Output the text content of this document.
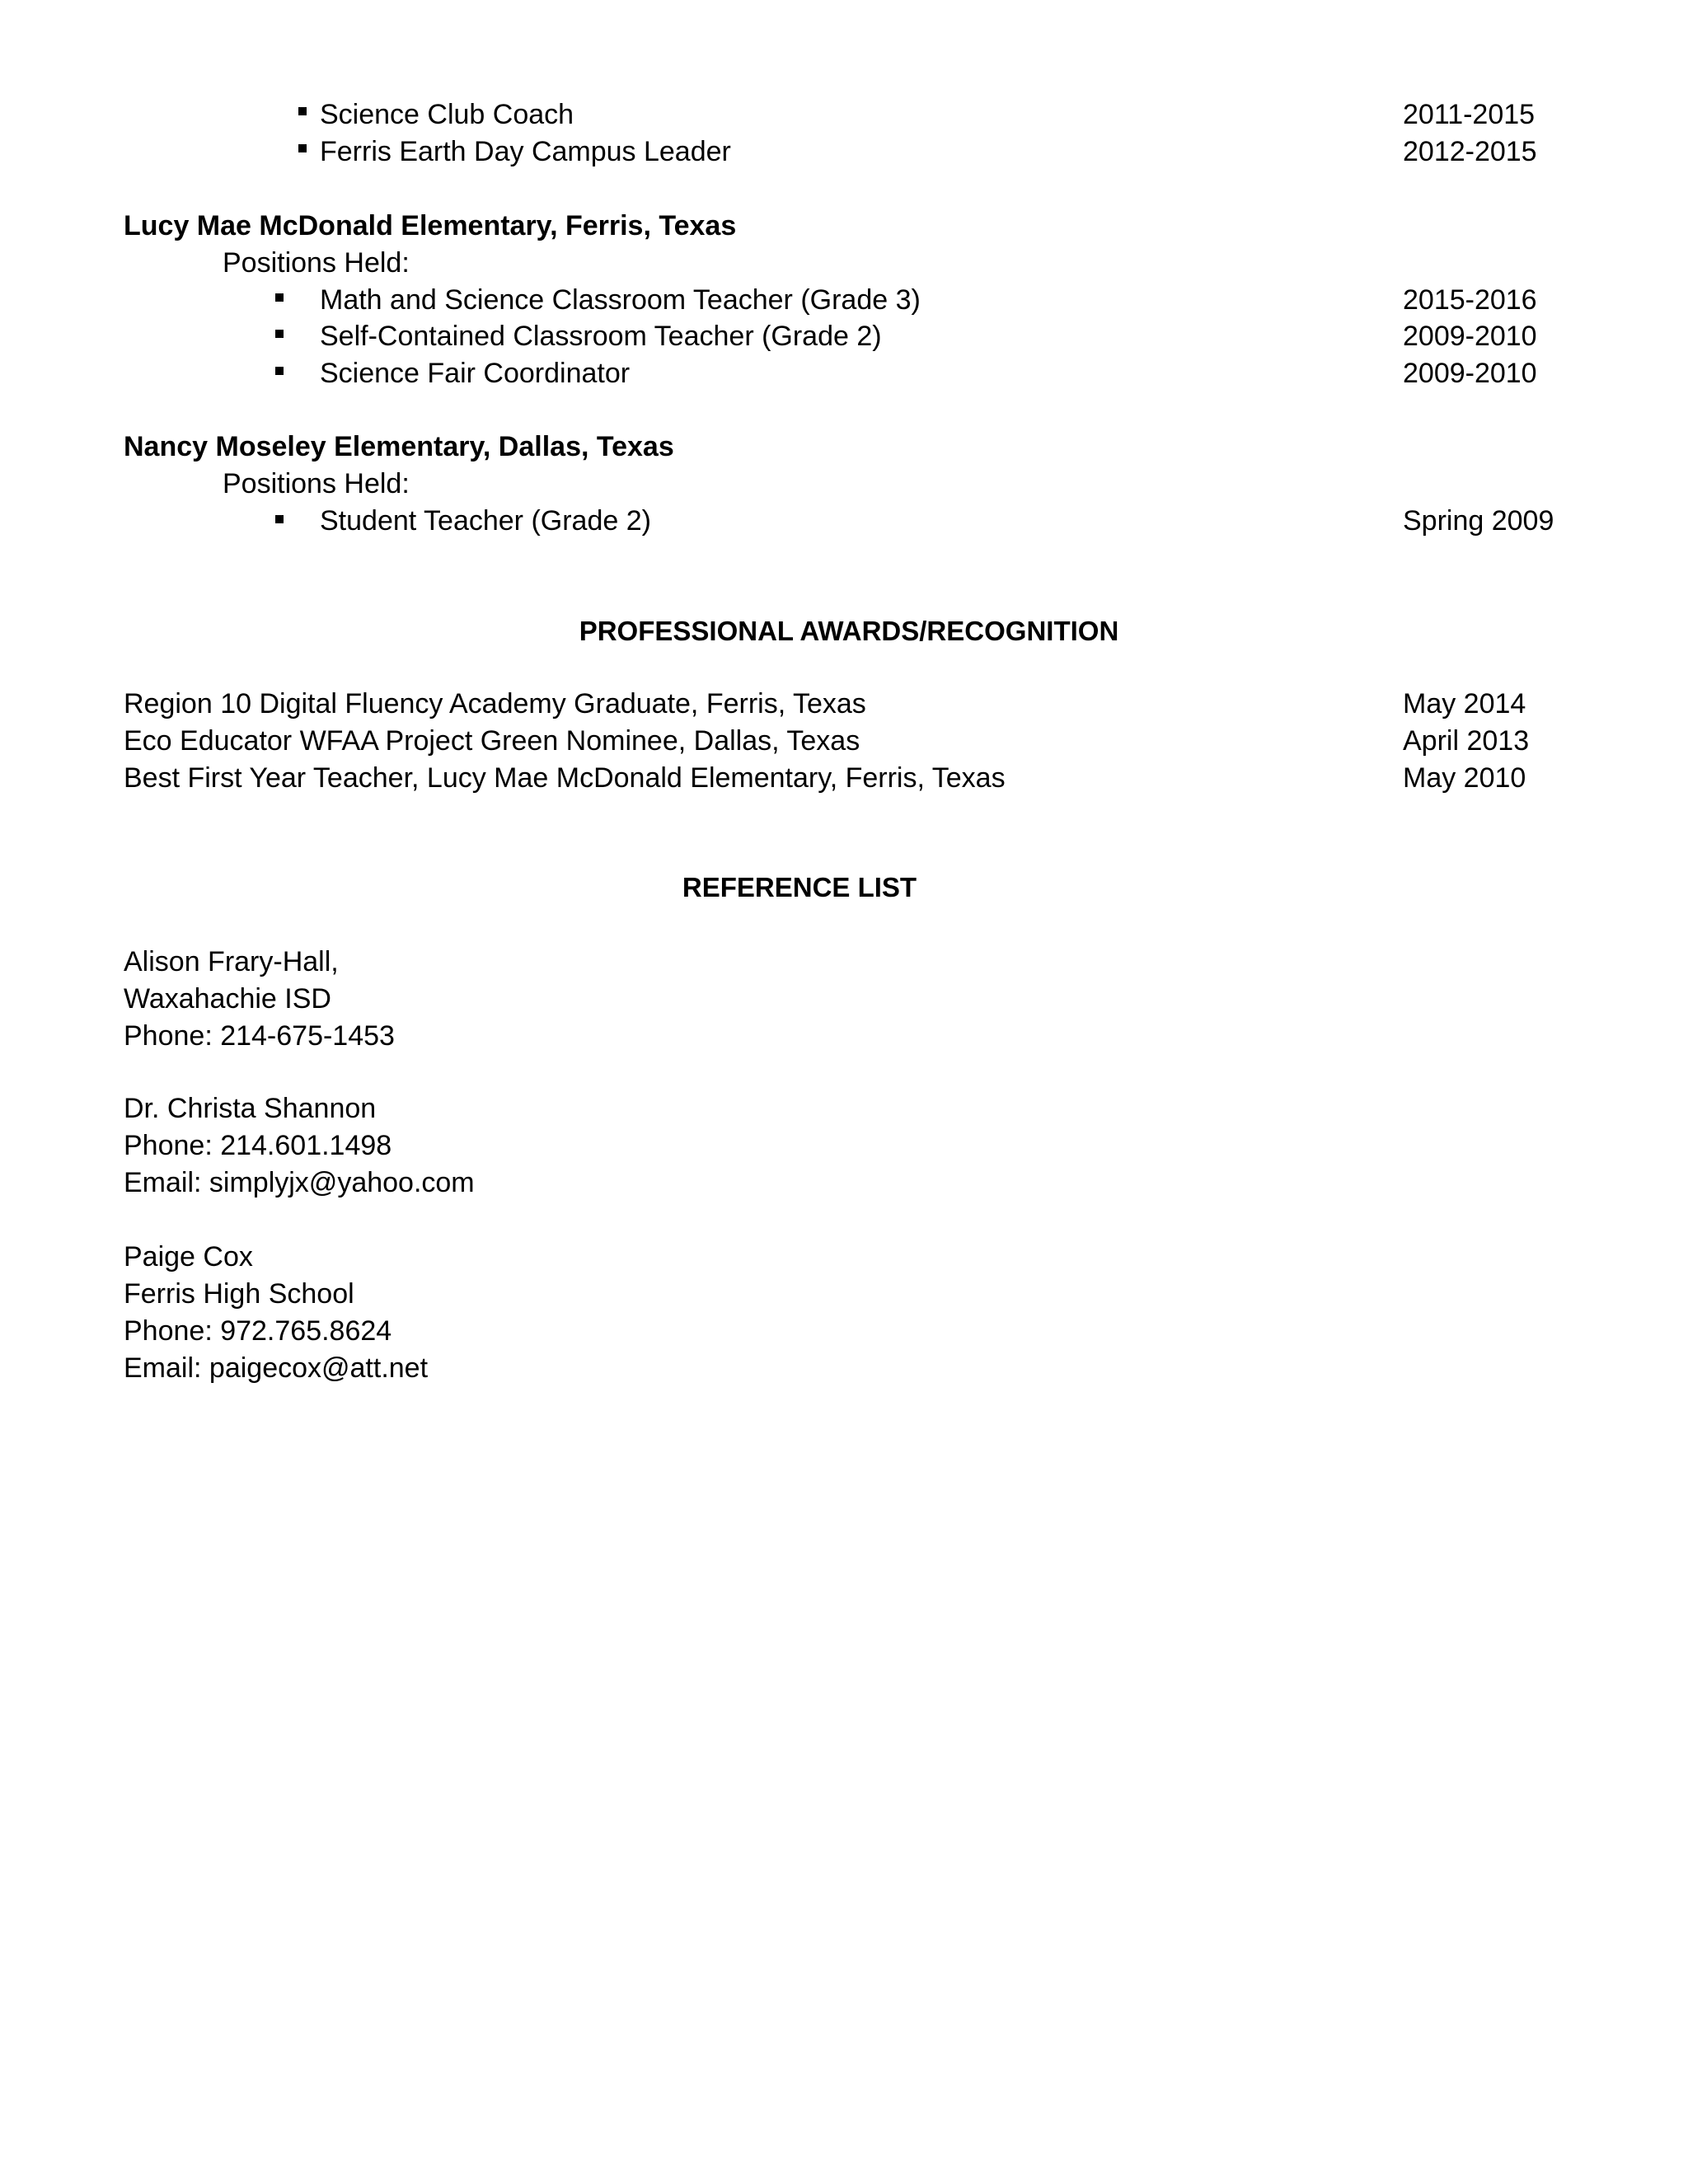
Science Club Coach	2011-2015
Ferris Earth Day Campus Leader	2012-2015
Lucy Mae McDonald Elementary, Ferris, Texas
Positions Held:
Math and Science Classroom Teacher (Grade 3)	2015-2016
Self-Contained Classroom Teacher (Grade 2)	2009-2010
Science Fair Coordinator	2009-2010
Nancy Moseley Elementary, Dallas, Texas
Positions Held:
Student Teacher (Grade 2)	Spring 2009
PROFESSIONAL AWARDS/RECOGNITION
Region 10 Digital Fluency Academy Graduate, Ferris, Texas	May 2014
Eco Educator WFAA Project Green Nominee, Dallas, Texas	April 2013
Best First Year Teacher, Lucy Mae McDonald Elementary, Ferris, Texas	May 2010
REFERENCE LIST
Alison Frary-Hall,
Waxahachie ISD
Phone: 214-675-1453
Dr. Christa Shannon
Phone: 214.601.1498
Email: simplyjx@yahoo.com
Paige Cox
Ferris High School
Phone: 972.765.8624
Email: paigecox@att.net
